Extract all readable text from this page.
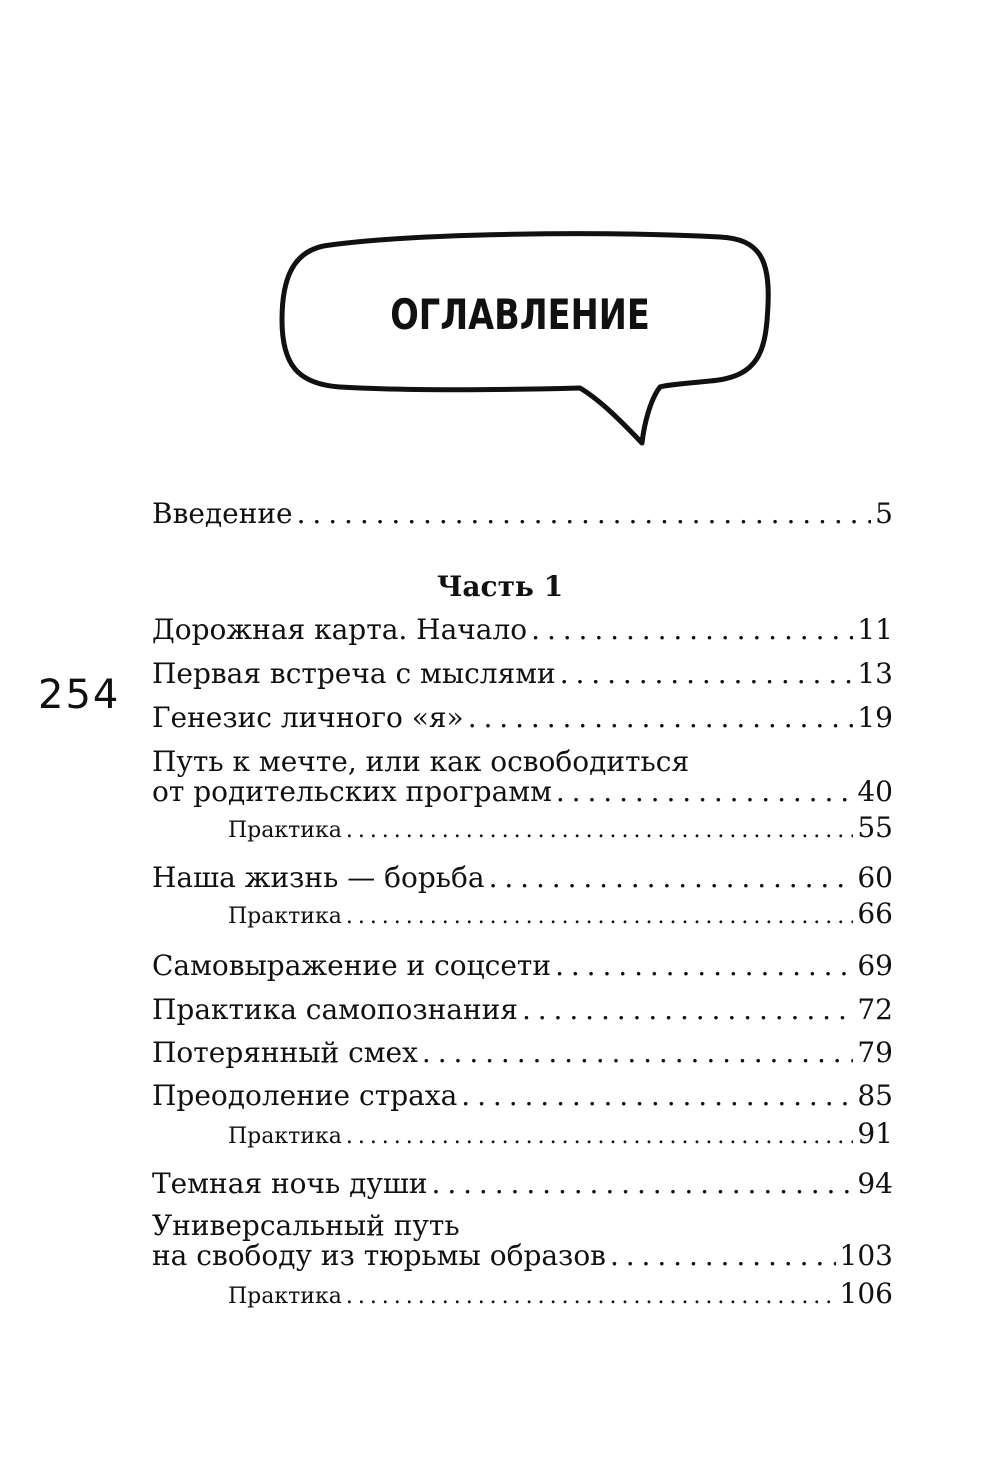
ОГЛАВЛЕНИЕ
254
Введение . . .	5
Часть 1
Дорожная карта. Начало . . .	11
Первая встреча с мыслями . . .	13
Генезис личного «я» . . .	19
Путь к мечте, или как освободиться
от родительских программ . . .	40
Практика . . .	55
Наша жизнь — борьба . . .	60
Практика . . .	66
Самовыражение и соцсети . . .	69
Практика самопознания . . .	72
Потерянный смех . . .	79
Преодоление страха . . .	85
Практика . . .	91
Темная ночь души . . .	94
Универсальный путь
на свободу из тюрьмы образов . . .	103
Практика . . .	106
